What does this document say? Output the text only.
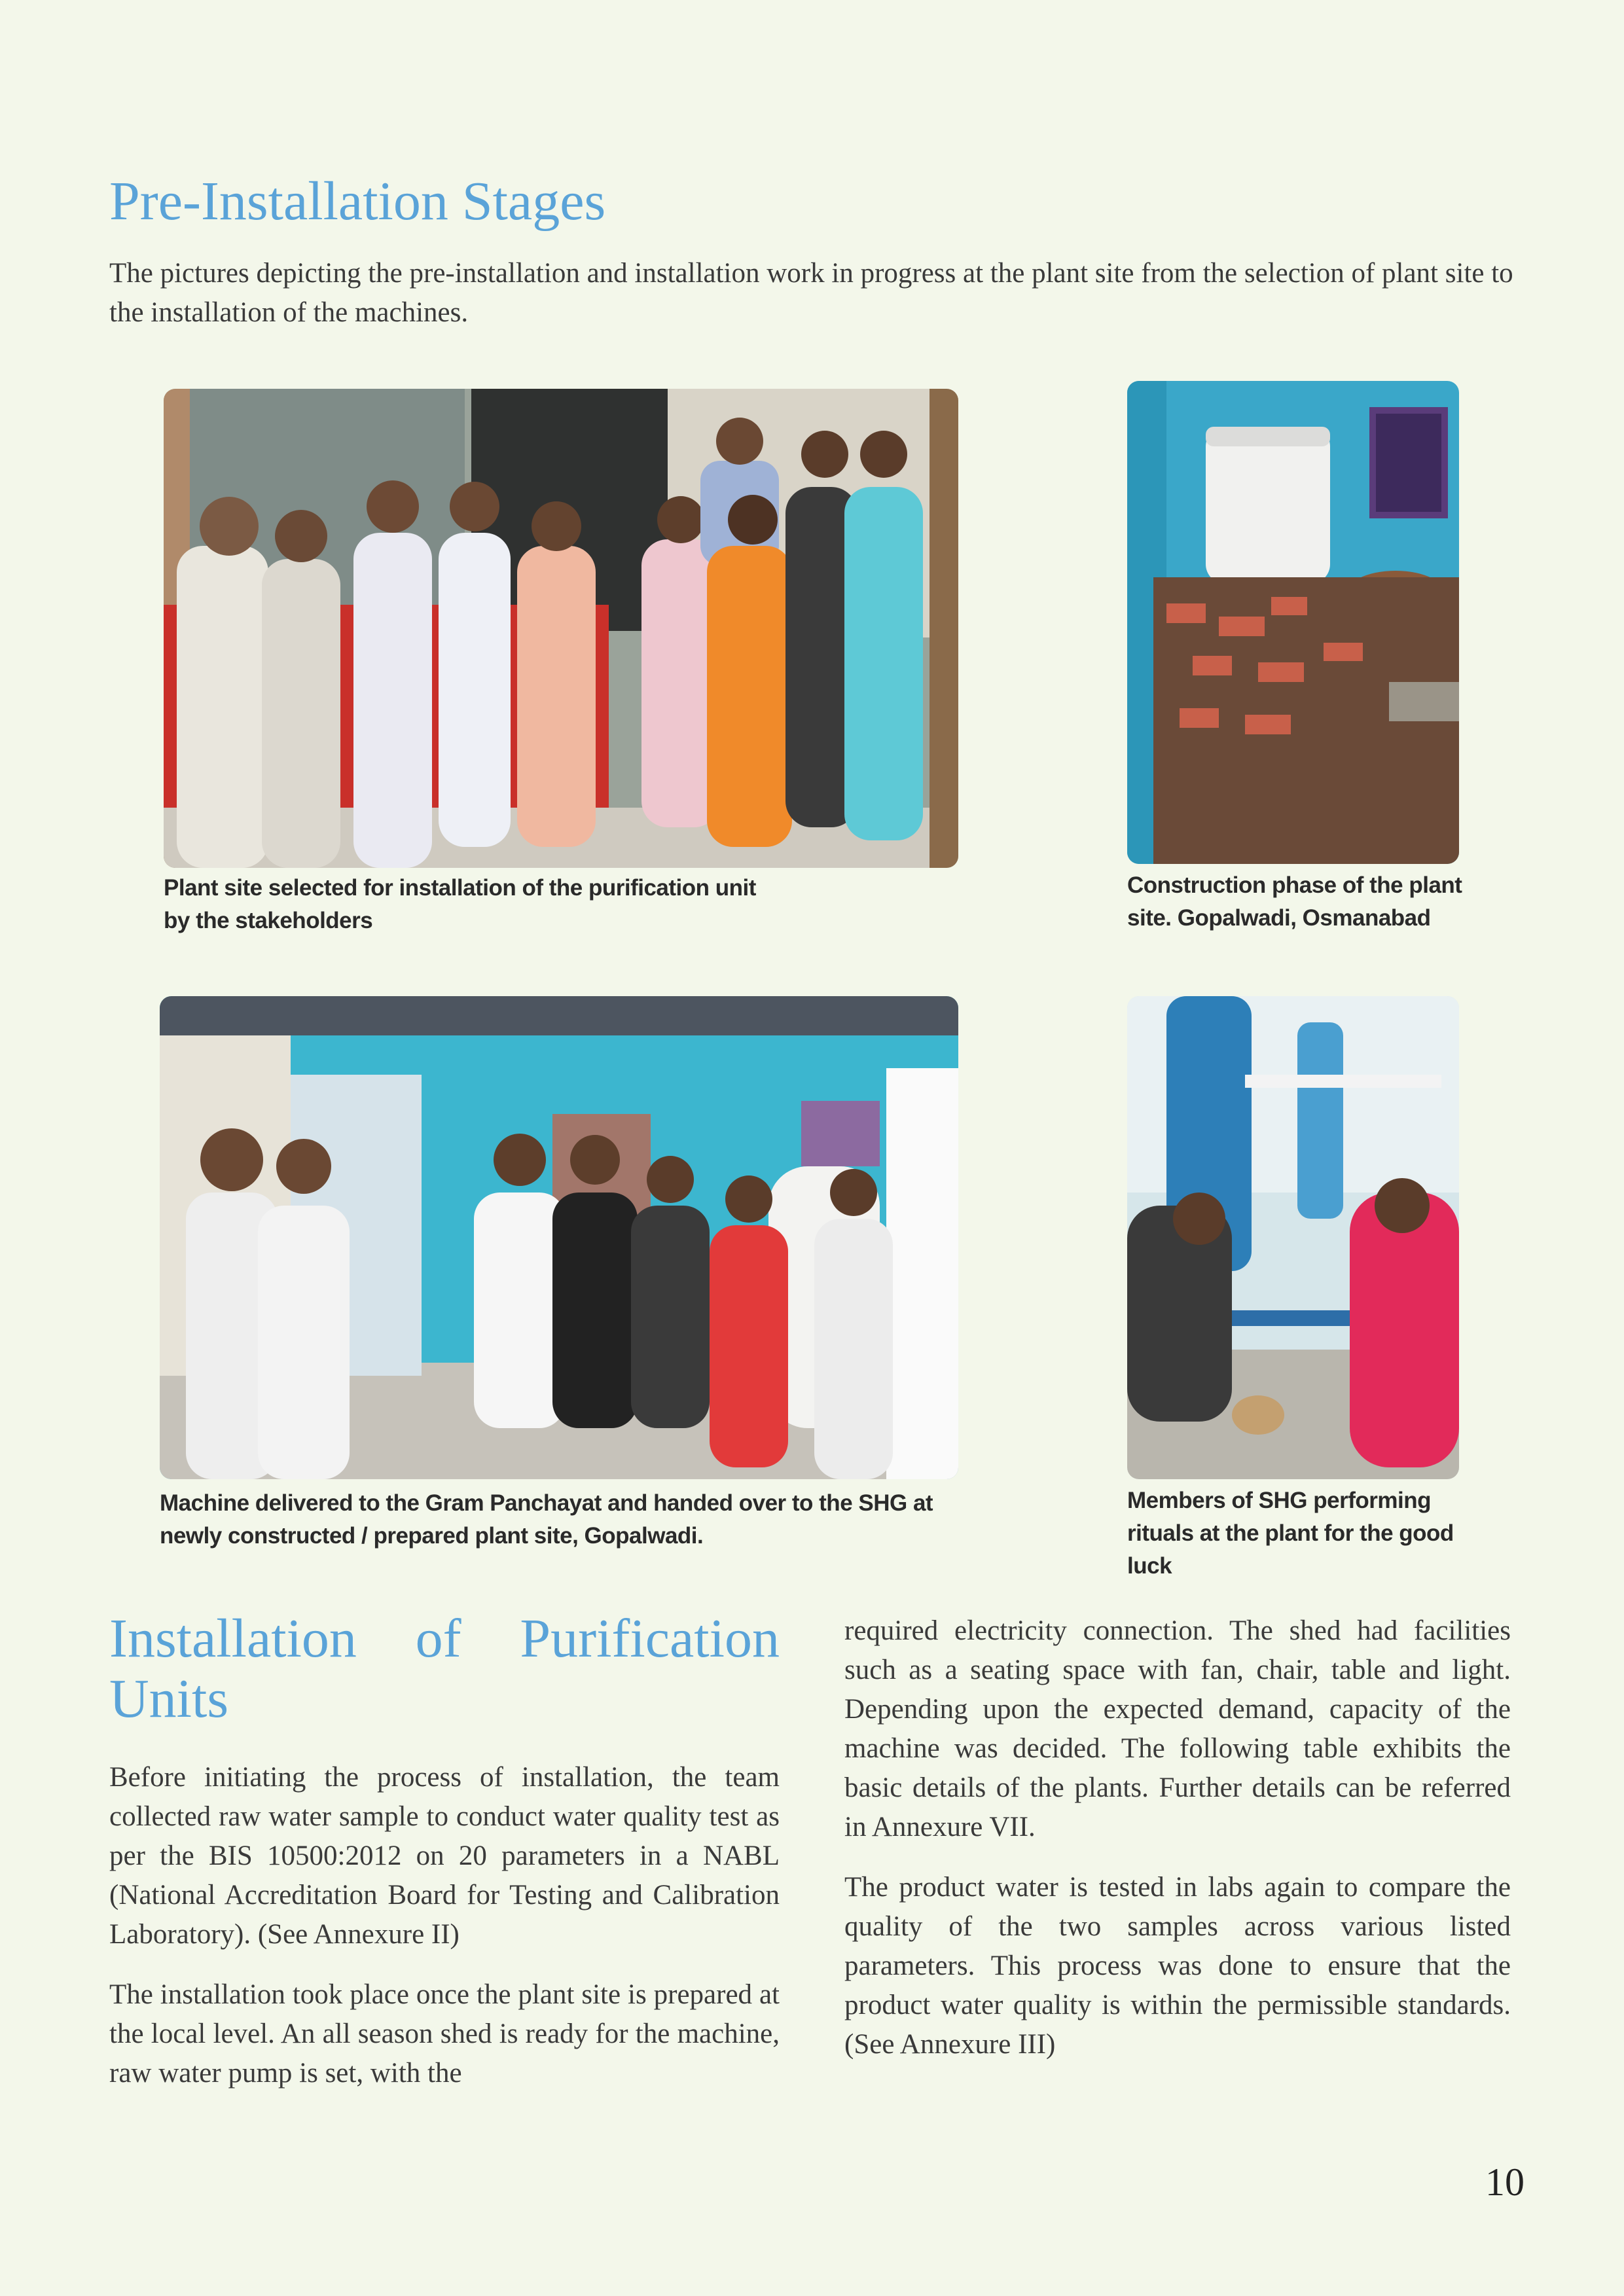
Pre-Installation Stages
The pictures depicting the pre-installation and installation work in progress at the plant site from the selection of plant site to the installation of the machines.
Plant site selected for installation of the purification unit by the stakeholders
Construction phase of the plant site. Gopalwadi, Osmanabad
Machine delivered to the Gram Panchayat and handed over to the SHG at newly constructed / prepared plant site, Gopalwadi.
Members of SHG performing rituals at the plant for the good luck
Installation of Purification Units

Before initiating the process of installation, the team collected raw water sample to conduct water quality test as per the BIS 10500:2012 on 20 parameters in a NABL (National Accreditation Board for Testing and Calibration Laboratory). (See Annexure II)

The installation took place once the plant site is prepared at the local level. An all season shed is ready for the machine, raw water pump is set, with the

required electricity connection. The shed had facilities such as a seating space with fan, chair, table and light. Depending upon the expected demand, capacity of the machine was decided. The following table exhibits the basic details of the plants. Further details can be referred in Annexure VII.

The product water is tested in labs again to compare the quality of the two samples across various listed parameters. This process was done to ensure that the product water quality is within the permissible standards. (See Annexure III)

10
